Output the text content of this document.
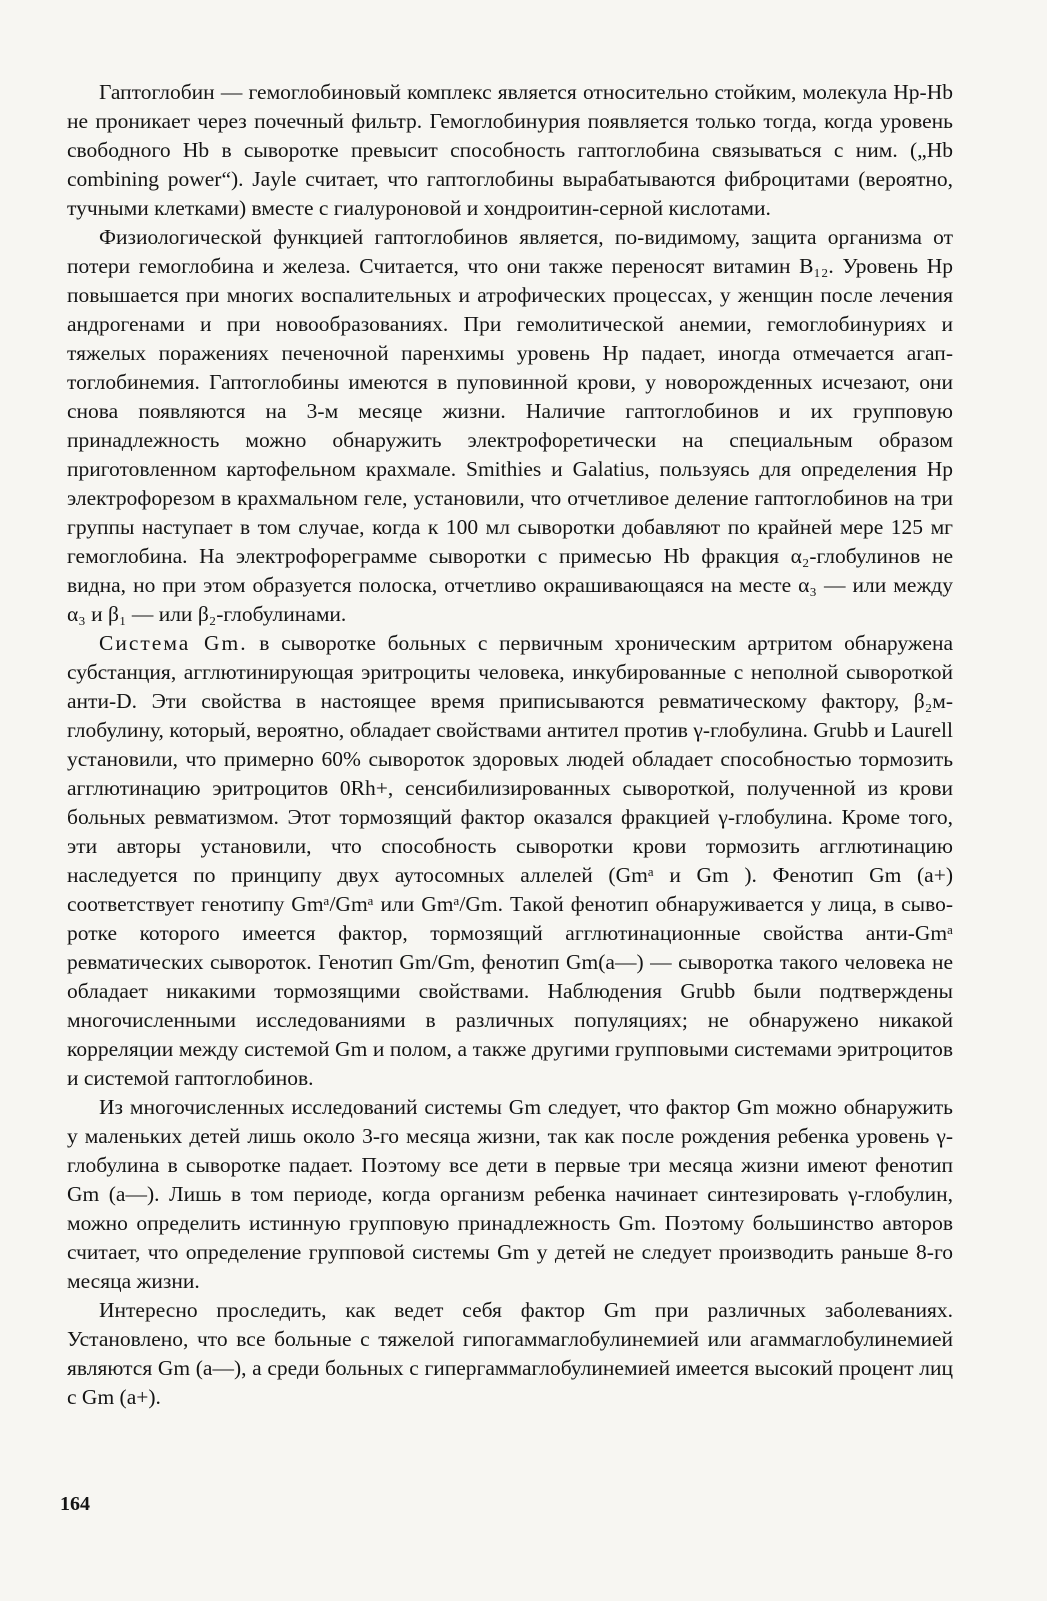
Гаптоглобин — гемоглобиновый комплекс является относительно стойким, молекула Hp-Hb не проникает через почечный фильтр. Гемоглобинурия появляется только тогда, когда уровень свободного Hb в сыворотке превысит способность гаптоглобина связываться с ним. („Hb combining power“). Jayle считает, что гаптоглобины вырабатываются фиброцитами (вероятно, тучными клетками) вместе с гиалуроновой и хондроитин-серной кислотами.

Физиологической функцией гаптоглобинов является, по-видимому, защита организма от потери гемоглобина и железа. Считается, что они также переносят витамин B₁₂. Уровень Hp повышается при многих воспалительных и атрофических процессах, у женщин после лечения андрогенами и при новообразованиях. При гемолитической анемии, гемоглобинуриях и тяжелых поражениях печеночной паренхимы уровень Hp падает, иногда отмечается агаптоглобинемия. Гаптоглобины имеются в пуповинной крови, у новорожденных исчезают, они снова появляются на 3-м месяце жизни. Наличие гаптоглобинов и их групповую принадлежность можно обнаружить электрофоретически на специальным образом приготовленном картофельном крахмале. Smithies и Galatius, пользуясь для определения Hp электрофорезом в крахмальном геле, установили, что отчетливое деление гаптоглобинов на три группы наступает в том случае, когда к 100 мл сыворотки добавляют по крайней мере 125 мг гемоглобина. На электрофореграмме сыворотки с примесью Hb фракция α₂-глобулинов не видна, но при этом образуется полоска, отчетливо окрашивающаяся на месте α₃ — или между α₃ и β₁ — или β₂-глобулинами.

Система Gm. в сыворотке больных с первичным хроническим артритом обнаружена субстанция, агглютинирующая эритроциты человека, инкубированные с неполной сывороткой анти-D. Эти свойства в настоящее время приписываются ревматическому фактору, β₂м-глобулину, который, вероятно, обладает свойствами антител против γ-глобулина. Grubb и Laurell установили, что примерно 60% сывороток здоровых людей обладает способностью тормозить агглютинацию эритроцитов 0Rh+, сенсибилизированных сывороткой, полученной из крови больных ревматизмом. Этот тормозящий фактор оказался фракцией γ-глобулина. Кроме того, эти авторы установили, что способность сыворотки крови тормозить агглютинацию наследуется по принципу двух аутосомных аллелей (Gmᵃ и Gm ). Фенотип Gm (a+) соответствует генотипу Gmᵃ/Gmᵃ или Gmᵃ/Gm. Такой фенотип обнаруживается у лица, в сыворотке которого имеется фактор, тормозящий агглютинационные свойства анти-Gmᵃ ревматических сывороток. Генотип Gm/Gm, фенотип Gm(a—) — сыворотка такого человека не обладает никакими тормозящими свойствами. Наблюдения Grubb были подтверждены многочисленными исследованиями в различных популяциях; не обнаружено никакой корреляции между системой Gm и полом, а также другими групповыми системами эритроцитов и системой гаптоглобинов.

Из многочисленных исследований системы Gm следует, что фактор Gm можно обнаружить у маленьких детей лишь около 3-го месяца жизни, так как после рождения ребенка уровень γ-глобулина в сыворотке падает. Поэтому все дети в первые три месяца жизни имеют фенотип Gm (a—). Лишь в том периоде, когда организм ребенка начинает синтезировать γ-глобулин, можно определить истинную групповую принадлежность Gm. Поэтому большинство авторов считает, что определение групповой системы Gm у детей не следует производить раньше 8-го месяца жизни.

Интересно проследить, как ведет себя фактор Gm при различных заболеваниях. Установлено, что все больные с тяжелой гипогаммаглобулинемией или агаммаглобулинемией являются Gm (a—), а среди больных с гипергаммаглобулинемией имеется высокий процент лиц с Gm (a+).

164
